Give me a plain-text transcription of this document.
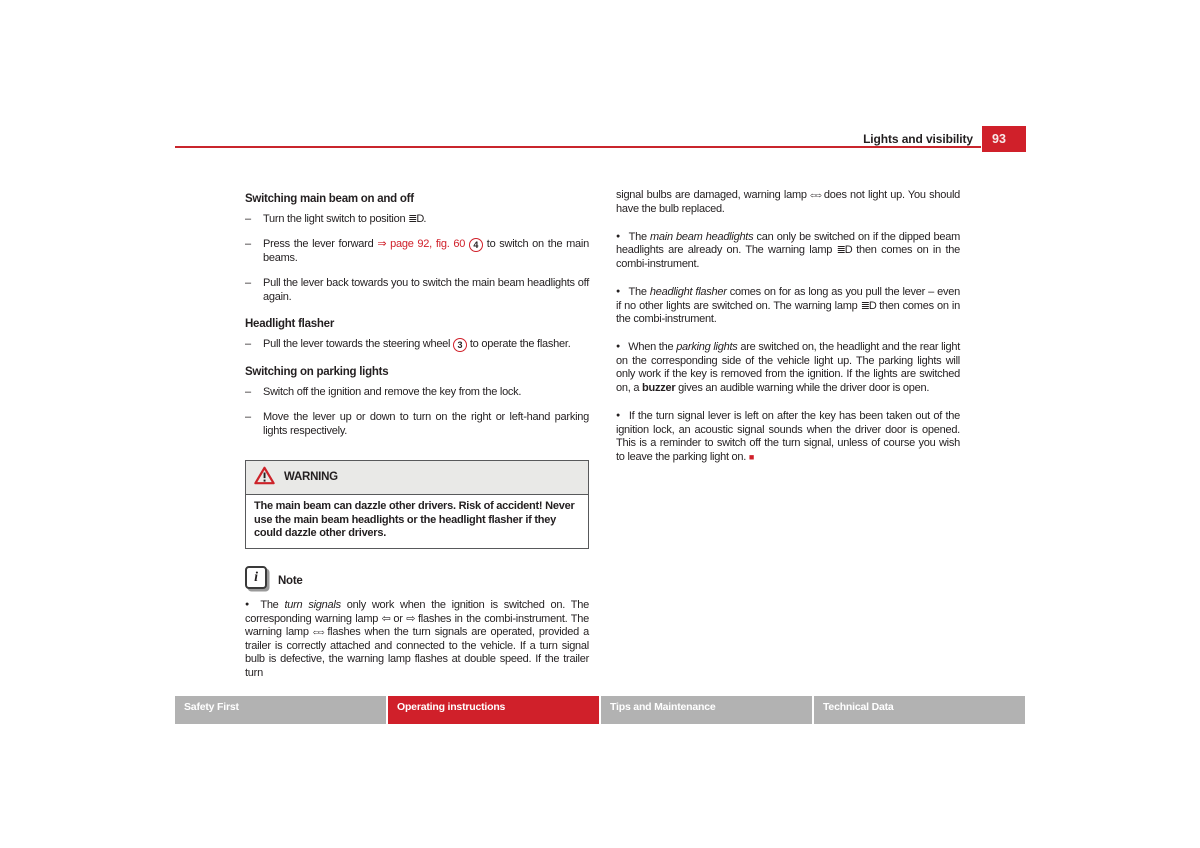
Lights and visibility	93
Switching main beam on and off
–	Turn the light switch to position ≣D.
–	Press the lever forward ⇒ page 92, fig. 60 4 to switch on the main beams.
–	Pull the lever back towards you to switch the main beam headlights off again.
Headlight flasher
–	Pull the lever towards the steering wheel 3 to operate the flasher.
Switching on parking lights
–	Switch off the ignition and remove the key from the lock.
–	Move the lever up or down to turn on the right or left-hand parking lights respectively.
WARNING
The main beam can dazzle other drivers. Risk of accident! Never use the main beam headlights or the headlight flasher if they could dazzle other drivers.
i	Note

● The turn signals only work when the ignition is switched on. The corresponding warning lamp ⇦ or ⇨ flashes in the combi-instrument. The warning lamp ⇦⇨ flashes when the turn signals are operated, provided a trailer is correctly attached and connected to the vehicle. If a turn signal bulb is defective, the warning lamp flashes at double speed. If the trailer turn

signal bulbs are damaged, warning lamp ⇦⇨ does not light up. You should have the bulb replaced.

● The main beam headlights can only be switched on if the dipped beam headlights are already on. The warning lamp ≣D then comes on in the combi-instrument.

● The headlight flasher comes on for as long as you pull the lever – even if no other lights are switched on. The warning lamp ≣D then comes on in the combi-instrument.

● When the parking lights are switched on, the headlight and the rear light on the corresponding side of the vehicle light up. The parking lights will only work if the key is removed from the ignition. If the lights are switched on, a buzzer gives an audible warning while the driver door is open.

● If the turn signal lever is left on after the key has been taken out of the ignition lock, an acoustic signal sounds when the driver door is opened. This is a reminder to switch off the turn signal, unless of course you wish to leave the parking light on. ■

Safety First	Operating instructions	Tips and Maintenance	Technical Data
